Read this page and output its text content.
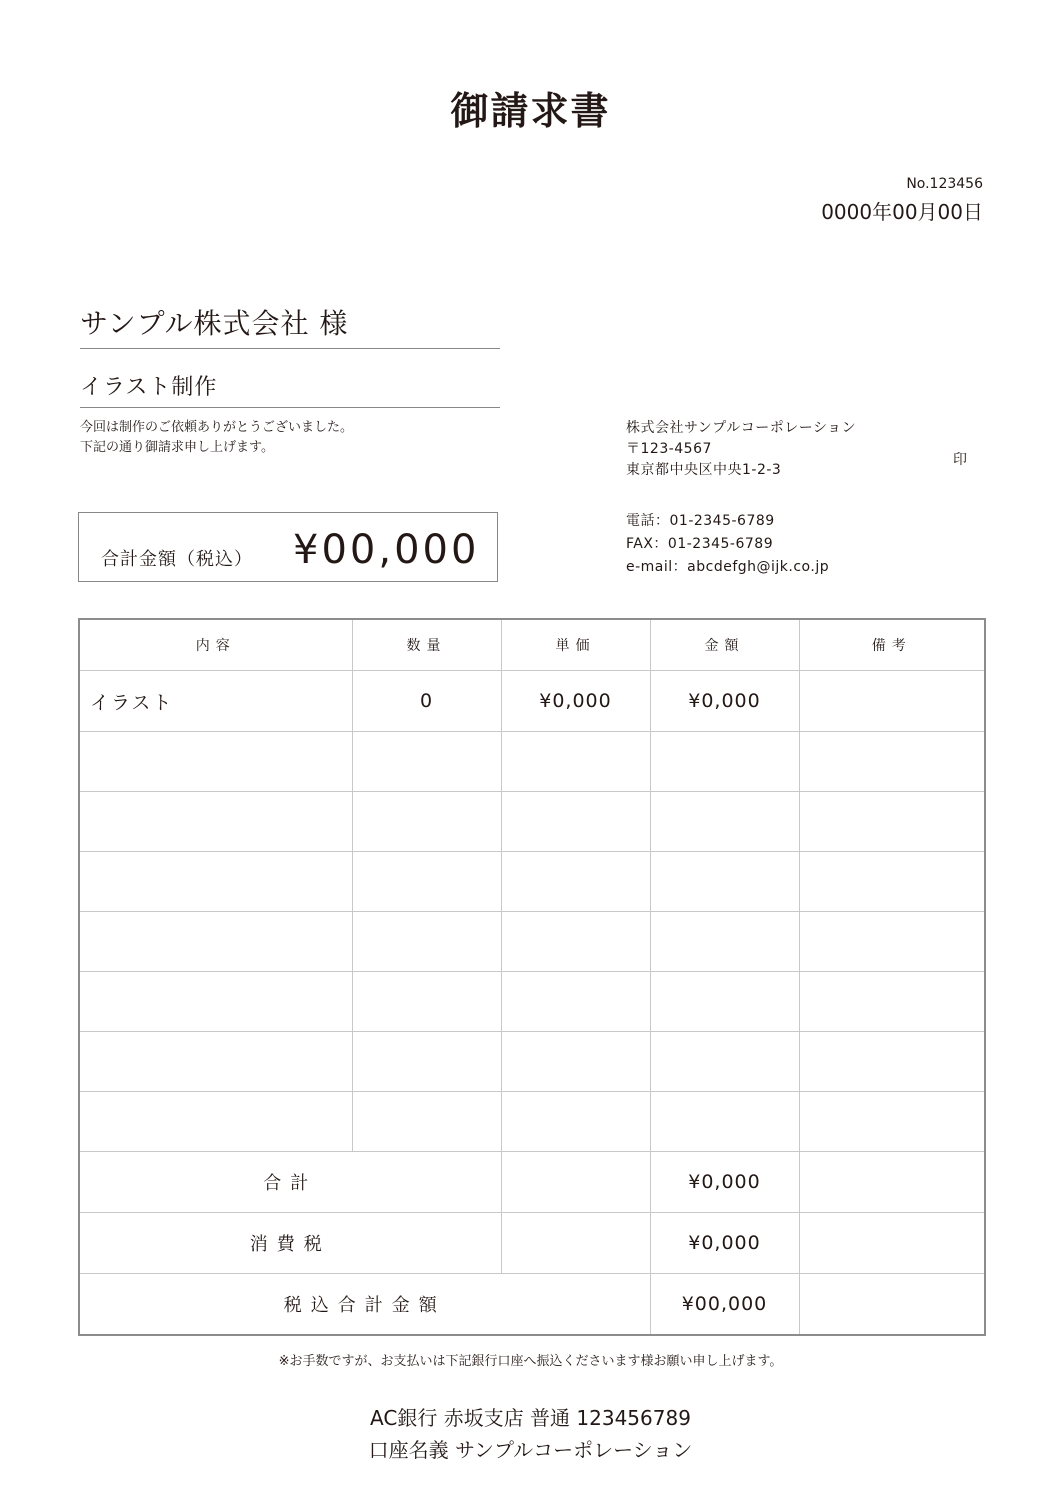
御請求書
No.123456
0000年00月00日
サンプル株式会社 様
イラスト制作
今回は制作のご依頼ありがとうございました。
下記の通り御請求申し上げます。
合計金額（税込） ¥00,000
株式会社サンプルコーポレーション
〒123-4567
東京都中央区中央1-2-3
印
電話：01-2345-6789
FAX：01-2345-6789
e-mail：abcdefgh@ijk.co.jp
内容	数量	単価	金額	備考
イラスト	0	¥0,000	¥0,000	

合計			¥0,000	
消費税			¥0,000	
税込合計金額			¥00,000	
※お手数ですが、お支払いは下記銀行口座へ振込くださいます様お願い申し上げます。
AC銀行 赤坂支店 普通 123456789
口座名義 サンプルコーポレーション
